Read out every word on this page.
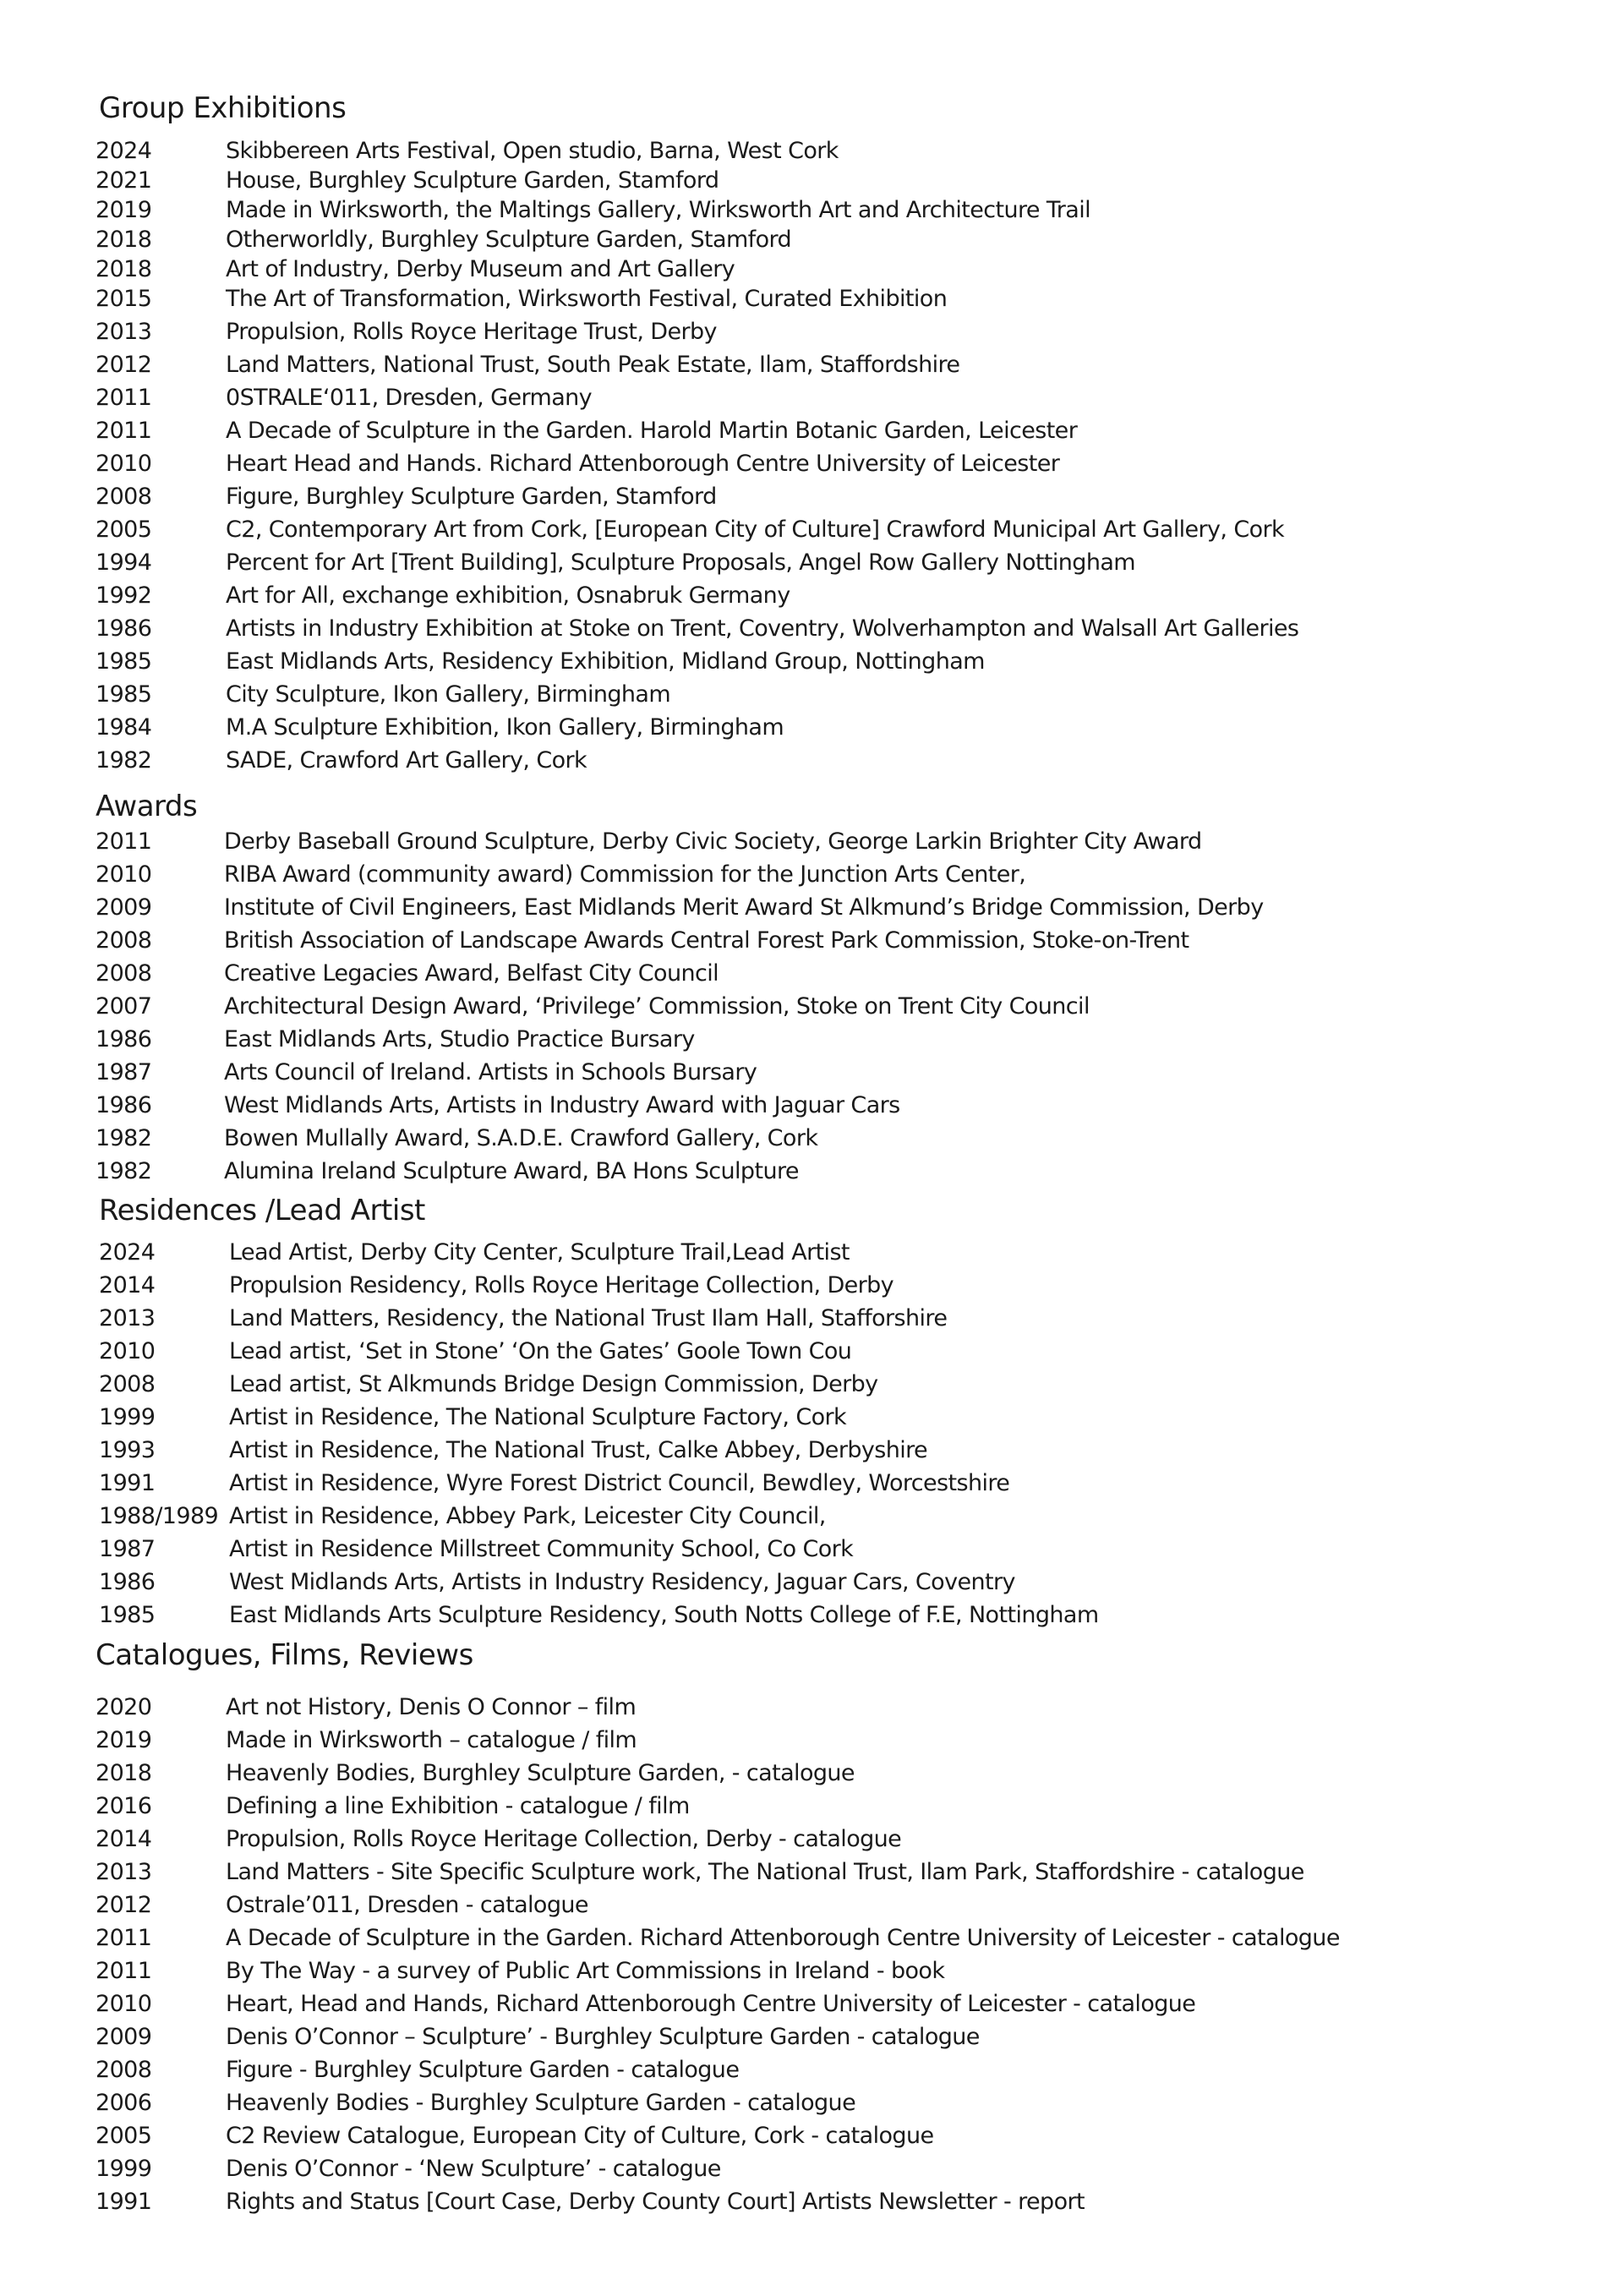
Group Exhibitions
2024	Skibbereen Arts Festival, Open studio, Barna, West Cork
2021	House, Burghley Sculpture Garden, Stamford
2019	Made in Wirksworth, the Maltings Gallery, Wirksworth Art and Architecture Trail
2018	Otherworldly, Burghley Sculpture Garden, Stamford
2018	Art of Industry, Derby Museum and Art Gallery
2015	The Art of Transformation, Wirksworth Festival, Curated Exhibition
2013	Propulsion, Rolls Royce Heritage Trust, Derby
2012	Land Matters, National Trust, South Peak Estate, Ilam, Staffordshire
2011	0STRALE‘011, Dresden, Germany
2011	A Decade of Sculpture in the Garden. Harold Martin Botanic Garden, Leicester
2010	Heart Head and Hands. Richard Attenborough Centre University of Leicester
2008	Figure, Burghley Sculpture Garden, Stamford
2005	C2, Contemporary Art from Cork, [European City of Culture] Crawford Municipal Art Gallery, Cork
1994	Percent for Art [Trent Building], Sculpture Proposals, Angel Row Gallery Nottingham
1992	Art for All, exchange exhibition, Osnabruk Germany
1986	Artists in Industry Exhibition at Stoke on Trent, Coventry, Wolverhampton and Walsall Art Galleries
1985	East Midlands Arts, Residency Exhibition, Midland Group, Nottingham
1985	City Sculpture, Ikon Gallery, Birmingham
1984	M.A Sculpture Exhibition, Ikon Gallery, Birmingham
1982	SADE, Crawford Art Gallery, Cork
Awards
2011	Derby Baseball Ground Sculpture, Derby Civic Society, George Larkin Brighter City Award
2010	RIBA Award (community award) Commission for the Junction Arts Center,
2009	Institute of Civil Engineers, East Midlands Merit Award St Alkmund’s Bridge Commission, Derby
2008	British Association of Landscape Awards Central Forest Park Commission, Stoke-on-Trent
2008	Creative Legacies Award, Belfast City Council
2007	Architectural Design Award, ‘Privilege’ Commission, Stoke on Trent City Council
1986	East Midlands Arts, Studio Practice Bursary
1987	Arts Council of Ireland. Artists in Schools Bursary
1986	West Midlands Arts, Artists in Industry Award with Jaguar Cars
1982	Bowen Mullally Award, S.A.D.E. Crawford Gallery, Cork
1982	Alumina Ireland Sculpture Award, BA Hons Sculpture
Residences /Lead Artist
2024	Lead Artist, Derby City Center, Sculpture Trail,Lead Artist
2014	Propulsion Residency, Rolls Royce Heritage Collection, Derby
2013	Land Matters, Residency, the National Trust Ilam Hall, Stafforshire
2010	Lead artist, ‘Set in Stone’ ‘On the Gates’ Goole Town Cou
2008	Lead artist, St Alkmunds Bridge Design Commission, Derby
1999	Artist in Residence, The National Sculpture Factory, Cork
1993	Artist in Residence, The National Trust, Calke Abbey, Derbyshire
1991	Artist in Residence, Wyre Forest District Council, Bewdley, Worcestshire
1988/1989 Artist in Residence, Abbey Park, Leicester City Council,
1987	Artist in Residence Millstreet Community School, Co Cork
1986	West Midlands Arts, Artists in Industry Residency, Jaguar Cars, Coventry
1985	East Midlands Arts Sculpture Residency, South Notts College of F.E, Nottingham
Catalogues, Films, Reviews
2020	Art not History, Denis O Connor – film
2019	Made in Wirksworth – catalogue / film
2018	Heavenly Bodies, Burghley Sculpture Garden, - catalogue
2016	Defining a line Exhibition - catalogue / film
2014	Propulsion, Rolls Royce Heritage Collection, Derby - catalogue
2013	Land Matters - Site Specific Sculpture work, The National Trust, Ilam Park, Staffordshire - catalogue
2012	Ostrale’011, Dresden - catalogue
2011	A Decade of Sculpture in the Garden. Richard Attenborough Centre University of Leicester - catalogue
2011	By The Way - a survey of Public Art Commissions in Ireland - book
2010	Heart, Head and Hands, Richard Attenborough Centre University of Leicester - catalogue
2009	Denis O’Connor – Sculpture’ - Burghley Sculpture Garden - catalogue
2008	Figure - Burghley Sculpture Garden - catalogue
2006	Heavenly Bodies - Burghley Sculpture Garden - catalogue
2005	C2 Review Catalogue, European City of Culture, Cork - catalogue
1999	Denis O’Connor - ‘New Sculpture’ - catalogue
1991	Rights and Status [Court Case, Derby County Court] Artists Newsletter - report
